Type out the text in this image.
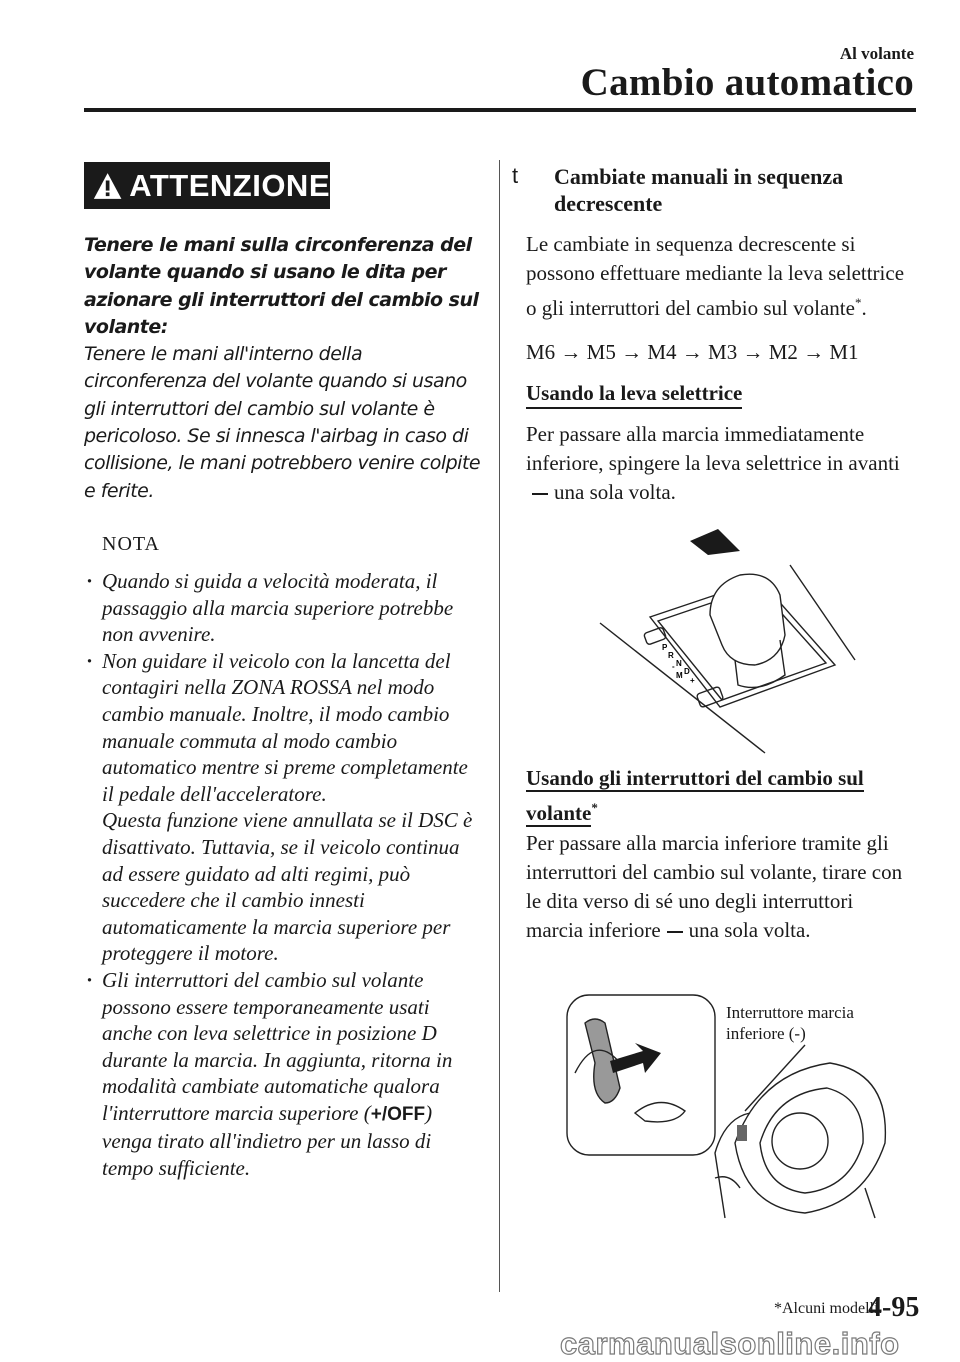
Al volante
Cambio automatico
ATTENZIONE
Tenere le mani sulla circonferenza del volante quando si usano le dita per azionare gli interruttori del cambio sul volante:
Tenere le mani all'interno della circonferenza del volante quando si usano gli interruttori del cambio sul volante è pericoloso. Se si innesca l'airbag in caso di collisione, le mani potrebbero venire colpite e ferite.
NOTA
· Quando si guida a velocità moderata, il passaggio alla marcia superiore potrebbe non avvenire.
· Non guidare il veicolo con la lancetta del contagiri nella ZONA ROSSA nel modo cambio manuale. Inoltre, il modo cambio manuale commuta al modo cambio automatico mentre si preme completamente il pedale dell'acceleratore.
Questa funzione viene annullata se il DSC è disattivato. Tuttavia, se il veicolo continua ad essere guidato ad alti regimi, può succedere che il cambio innesti automaticamente la marcia superiore per proteggere il motore.
· Gli interruttori del cambio sul volante possono essere temporaneamente usati anche con leva selettrice in posizione D durante la marcia. In aggiunta, ritorna in modalità cambiate automatiche qualora l'interruttore marcia superiore (+/OFF) venga tirato all'indietro per un lasso di tempo sufficiente.
t Cambiate manuali in sequenza decrescente
Le cambiate in sequenza decrescente si possono effettuare mediante la leva selettrice o gli interruttori del cambio sul volante*.
M6 → M5 → M4 → M3 → M2 → M1
Usando la leva selettrice
Per passare alla marcia immediatamente inferiore, spingere la leva selettrice in avantiuna sola volta.
P
R
N
D
M
-
+
Usando gli interruttori del cambio sul volante*
Per passare alla marcia inferiore tramite gli interruttori del cambio sul volante, tirare con le dita verso di sé uno degli interruttori marcia inferiore una sola volta.
Interruttore marcia
inferiore (-)
*Alcuni modelli.
4-95
carmanualsonline.info
